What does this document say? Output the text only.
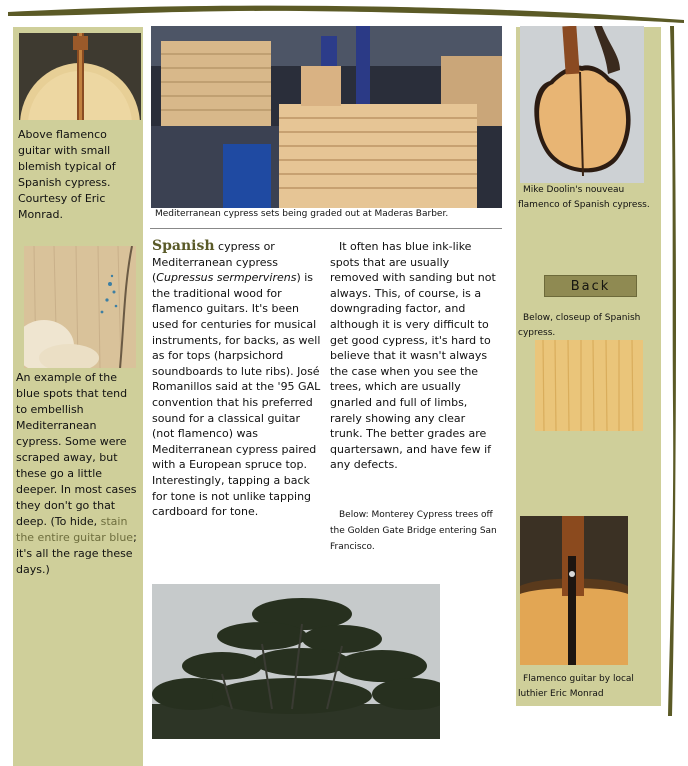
Above flamenco guitar with small blemish typical of Spanish cypress. Courtesy of Eric Monrad.
An example of the blue spots that tend to embellish Mediterranean cypress. Some were scraped away, but these go a little deeper. In most cases they don't go that deep. (To hide, stain the entire guitar blue; it's all the rage these days.)
Mediterranean cypress sets being graded out at Maderas Barber.
Spanish cypress or Mediterranean cypress (Cupressus sermpervirens) is the traditional wood for flamenco guitars. It's been used for centuries for musical instruments, for backs, as well as for tops (harpsichord soundboards to lute ribs). José Romanillos said at the '95 GAL convention that his preferred sound for a classical guitar (not flamenco) was Mediterranean cypress paired with a European spruce top. Interestingly, tapping a back for tone is not unlike tapping cardboard for tone.
It often has blue ink-like spots that are usually removed with sanding but not always. This, of course, is a downgrading factor, and although it is very difficult to get good cypress, it's hard to believe that it wasn't always the case when you see the trees, which are usually gnarled and full of limbs, rarely showing any clear trunk. The better grades are quartersawn, and have few if any defects.
Below: Monterey Cypress trees off the Golden Gate Bridge entering San Francisco.
Mike Doolin's nouveau flamenco of Spanish cypress.
Back
Below, closeup of Spanish cypress.
Flamenco guitar by local luthier Eric Monrad
